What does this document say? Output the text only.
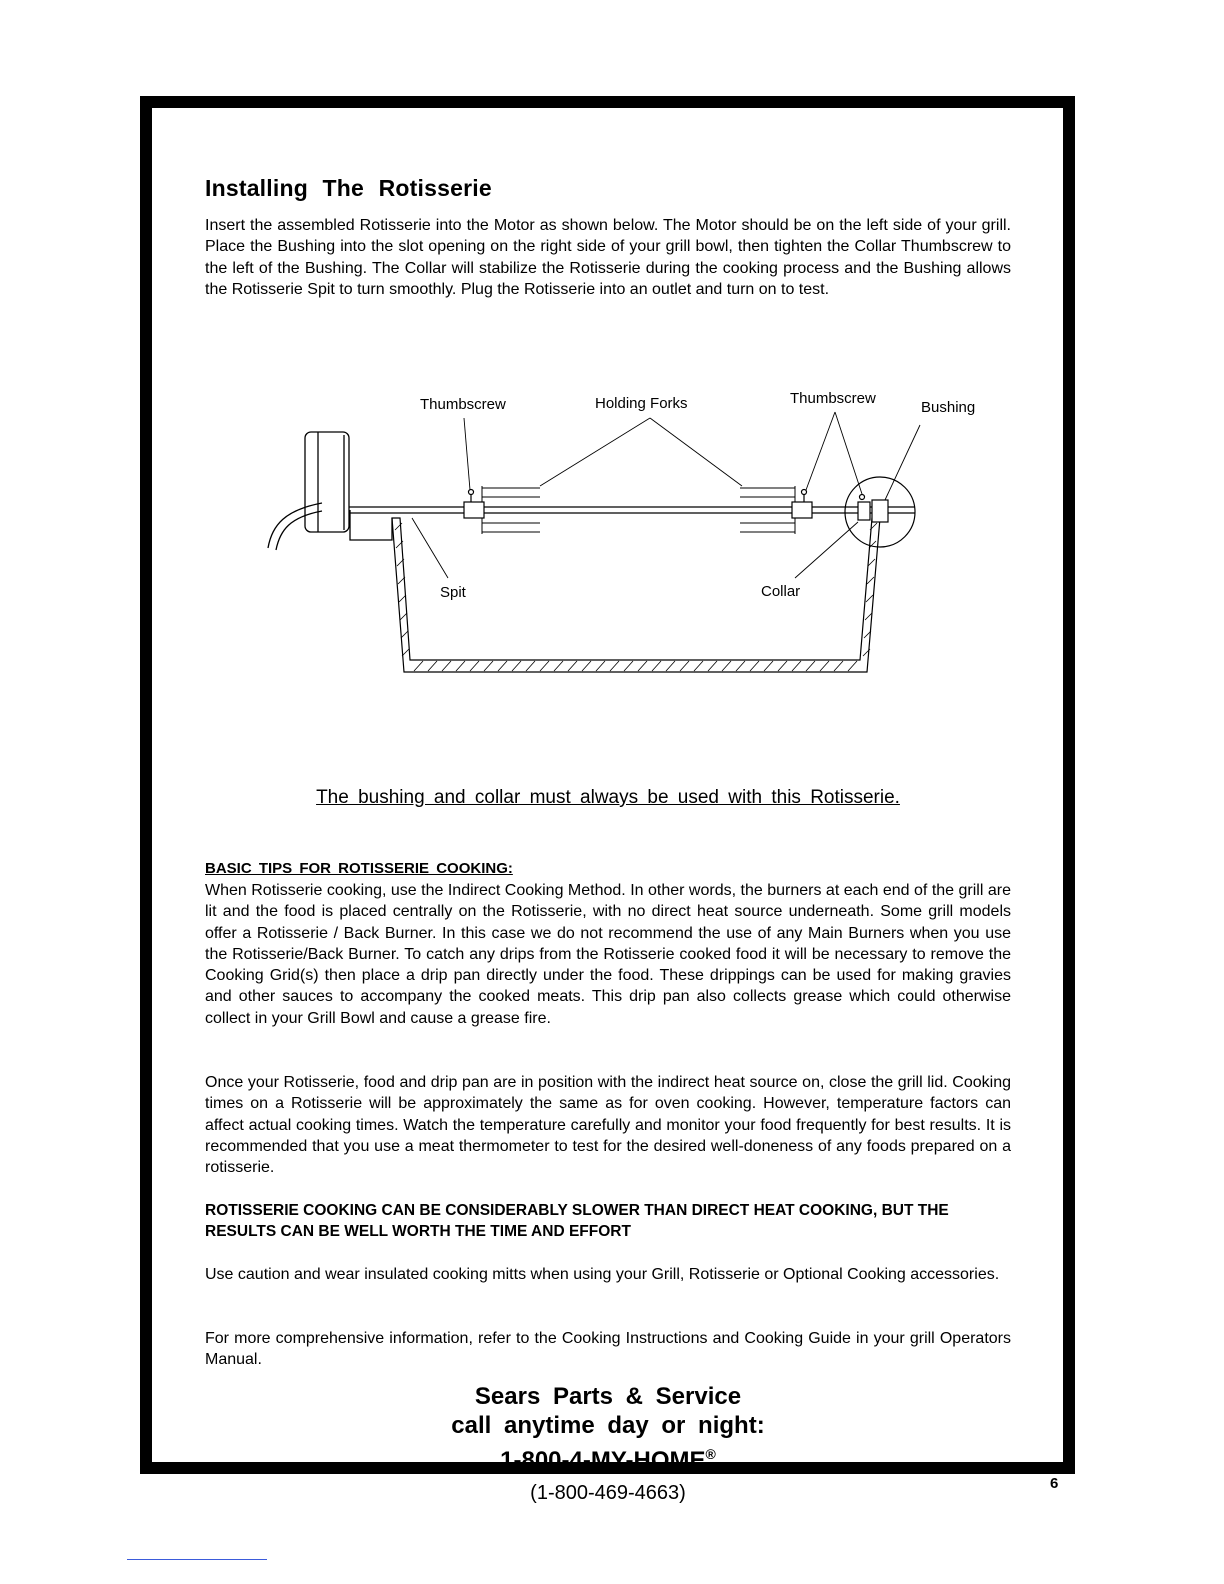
Installing The Rotisserie

Insert the assembled Rotisserie into the Motor as shown below. The Motor should be on the left side of your grill. Place the Bushing into the slot opening on the right side of your grill bowl, then tighten the Collar Thumbscrew to the left of the Bushing. The Collar will stabilize the Rotisserie during the cooking process and the Bushing allows the Rotisserie Spit to turn smoothly. Plug the Rotisserie into an outlet and turn on to test.

The bushing and collar must always be used with this Rotisserie.

BASIC TIPS FOR ROTISSERIE COOKING:

When Rotisserie cooking, use the Indirect Cooking Method. In other words, the burners at each end of the grill are lit and the food is placed centrally on the Rotisserie, with no direct heat source underneath. Some grill models offer a Rotisserie / Back Burner. In this case we do not recommend the use of any Main Burners when you use the Rotisserie/Back Burner. To catch any drips from the Rotisserie cooked food it will be necessary to remove the Cooking Grid(s) then place a drip pan directly under the food. These drippings can be used for making gravies and other sauces to accompany the cooked meats. This drip pan also collects grease which could otherwise collect in your Grill Bowl and cause a grease fire.

Once your Rotisserie, food and drip pan are in position with the indirect heat source on, close the grill lid. Cooking times on a Rotisserie will be approximately the same as for oven cooking. However, temperature factors can affect actual cooking times. Watch the temperature carefully and monitor your food frequently for best results. It is recommended that you use a meat thermometer to test for the desired well-doneness of any foods prepared on a rotisserie.

ROTISSERIE COOKING CAN BE CONSIDERABLY SLOWER THAN DIRECT HEAT COOKING, BUT THE RESULTS CAN BE WELL WORTH THE TIME AND EFFORT

Use caution and wear insulated cooking mitts when using your Grill, Rotisserie or Optional Cooking accessories.

For more comprehensive information, refer to the Cooking Instructions and Cooking Guide in your grill Operators Manual.

Sears Parts & Service
call anytime day or night:
1-800-4-MY-HOME®
(1-800-469-4663)
Thumbscrew	Holding Forks	Thumbscrew
Bushing
Spit	Collar
6
